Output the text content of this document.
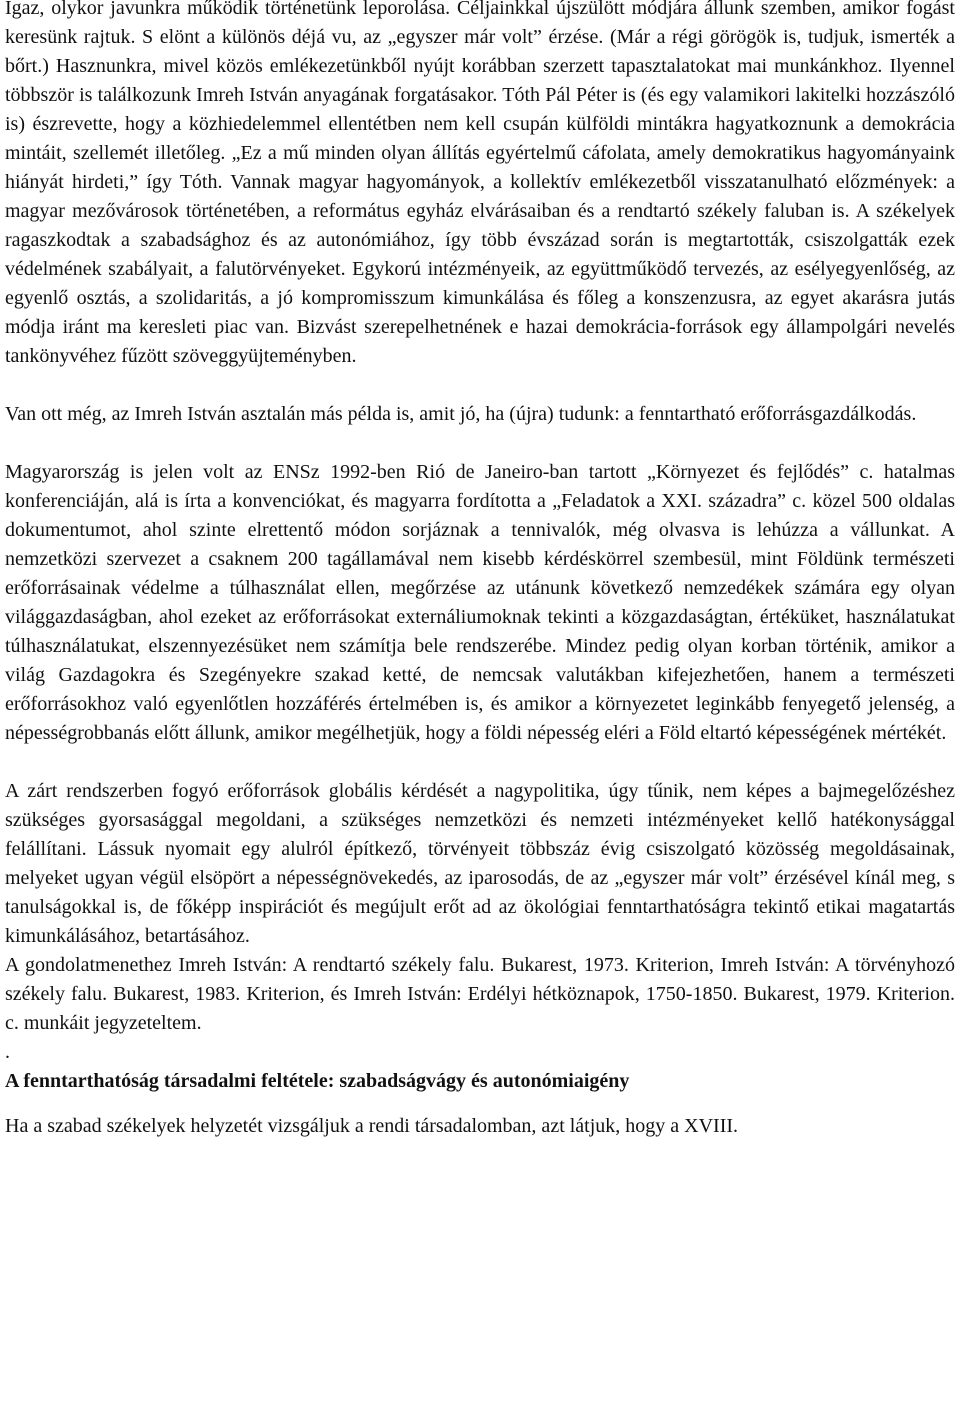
Igaz, olykor javunkra működik történetünk leporolása. Céljainkkal újszülött módjára állunk szemben, amikor fogást keresünk rajtuk. S elönt a különös déjá vu, az „egyszer már volt” érzése. (Már a régi görögök is, tudjuk, ismerték a bőrt.) Hasznunkra, mivel közös emlékezetünkből nyújt korábban szerzett tapasztalatokat mai munkánkhoz. Ilyennel többször is találkozunk Imreh István anyagának forgatásakor. Tóth Pál Péter is (és egy valamikori lakitelki hozzászóló is) észrevette, hogy a közhiedelemmel ellentétben nem kell csupán külföldi mintákra hagyatkoznunk a demokrácia mintáit, szellemét illetőleg. „Ez a mű minden olyan állítás egyértelmű cáfolata, amely demokratikus hagyományaink hiányát hirdeti,” így Tóth. Vannak magyar hagyományok, a kollektív emlékezetből visszatanulható előzmények: a magyar mezővárosok történetében, a református egyház elvárásaiban és a rendtartó székely faluban is. A székelyek ragaszkodtak a szabadsághoz és az autonómiához, így több évszázad során is megtartották, csiszolgatták ezek védelmének szabályait, a falutörvényeket. Egykorú intézményeik, az együttműködő tervezés, az esélyegyenlőség, az egyenlő osztás, a szolidaritás, a jó kompromisszum kimunkálása és főleg a konszenzusra, az egyet akarásra jutás módja iránt ma keresleti piac van. Bizvást szerepelhetnének e hazai demokrácia-források egy állampolgári nevelés tankönyvéhez fűzött szöveggyüjteményben.

Van ott még, az Imreh István asztalán más példa is, amit jó, ha (újra) tudunk: a fenntartható erőforrásgazdálkodás.

Magyarország is jelen volt az ENSz 1992-ben Rió de Janeiro-ban tartott „Környezet és fejlődés” c. hatalmas konferenciáján, alá is írta a konvenciókat, és magyarra fordította a „Feladatok a XXI. századra” c. közel 500 oldalas dokumentumot, ahol szinte elrettentő módon sorjáznak a tennivalók, még olvasva is lehúzza a vállunkat. A nemzetközi szervezet a csaknem 200 tagállamával nem kisebb kérdéskörrel szembesül, mint Földünk természeti erőforrásainak védelme a túlhasználat ellen, megőrzése az utánunk következő nemzedékek számára egy olyan világgazdaságban, ahol ezeket az erőforrásokat externáliumoknak tekinti a közgazdaságtan, értéküket, használatukat túlhasználatukat, elszennyezésüket nem számítja bele rendszerébe. Mindez pedig olyan korban történik, amikor a világ Gazdagokra és Szegényekre szakad ketté, de nemcsak valutákban kifejezhetően, hanem a természeti erőforrásokhoz való egyenlőtlen hozzáférés értelmében is, és amikor a környezetet leginkább fenyegető jelenség, a népességrobbanás előtt állunk, amikor megélhetjük, hogy a földi népesség eléri a Föld eltartó képességének mértékét.

A zárt rendszerben fogyó erőforrások globális kérdését a nagypolitika, úgy tűnik, nem képes a bajmegelőzéshez szükséges gyorsasággal megoldani, a szükséges nemzetközi és nemzeti intézményeket kellő hatékonysággal felállítani. Lássuk nyomait egy alulról építkező, törvényeit többszáz évig csiszolgató közösség megoldásainak, melyeket ugyan végül elsöpört a népességnövekedés, az iparosodás, de az „egyszer már volt” érzésével kínál meg, s tanulságokkal is, de főképp inspirációt és megújult erőt ad az ökológiai fenntarthatóságra tekintő etikai magatartás kimunkálásához, betartásához.

A gondolatmenethez Imreh István: A rendtartó székely falu. Bukarest, 1973. Kriterion, Imreh István: A törvényhozó székely falu. Bukarest, 1983. Kriterion, és Imreh István: Erdélyi hétköznapok, 1750-1850. Bukarest, 1979. Kriterion. c. munkáit jegyzeteltem.

.

A fenntarthatóság társadalmi feltétele: szabadságvágy és autonómiaigény

Ha a szabad székelyek helyzetét vizsgáljuk a rendi társadalomban, azt látjuk, hogy a XVIII.
